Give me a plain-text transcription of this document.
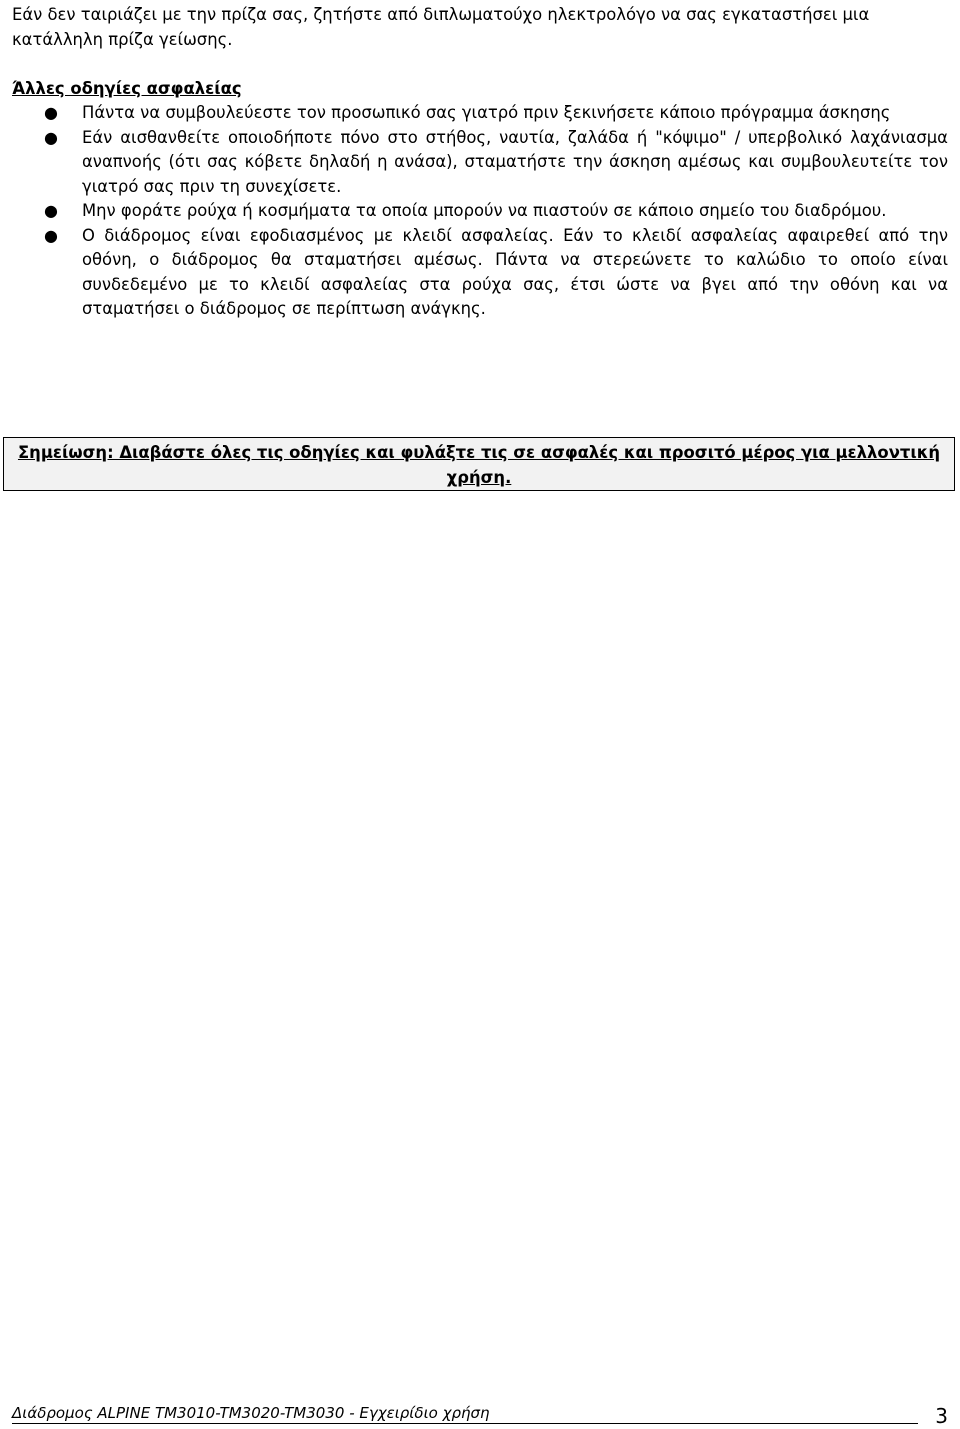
Εάν δεν ταιριάζει με την πρίζα σας, ζητήστε από διπλωματούχο ηλεκτρολόγο να σας εγκαταστήσει μια κατάλληλη πρίζα γείωσης.

Άλλες οδηγίες ασφαλείας
● Πάντα να συμβουλεύεστε τον προσωπικό σας γιατρό πριν ξεκινήσετε κάποιο πρόγραμμα άσκησης
● Εάν αισθανθείτε οποιοδήποτε πόνο στο στήθος, ναυτία, ζαλάδα ή "κόψιμο" / υπερβολικό λαχάνιασμα αναπνοής (ότι σας κόβετε δηλαδή η ανάσα), σταματήστε την άσκηση αμέσως και συμβουλευτείτε τον γιατρό σας πριν τη συνεχίσετε.
● Μην φοράτε ρούχα ή κοσμήματα τα οποία μπορούν να πιαστούν σε κάποιο σημείο του διαδρόμου.
● Ο διάδρομος είναι εφοδιασμένος με κλειδί ασφαλείας. Εάν το κλειδί ασφαλείας αφαιρεθεί από την οθόνη, ο διάδρομος θα σταματήσει αμέσως. Πάντα να στερεώνετε το καλώδιο το οποίο είναι συνδεδεμένο με το κλειδί ασφαλείας στα ρούχα σας, έτσι ώστε να βγει από την οθόνη και να σταματήσει ο διάδρομος σε περίπτωση ανάγκης.
Σημείωση: Διαβάστε όλες τις οδηγίες και φυλάξτε τις σε ασφαλές και προσιτό μέρος για μελλοντική χρήση.
Διάδρομος ALPINE TM3010-TM3020-TM3030 - Εγχειρίδιο χρήση	3
